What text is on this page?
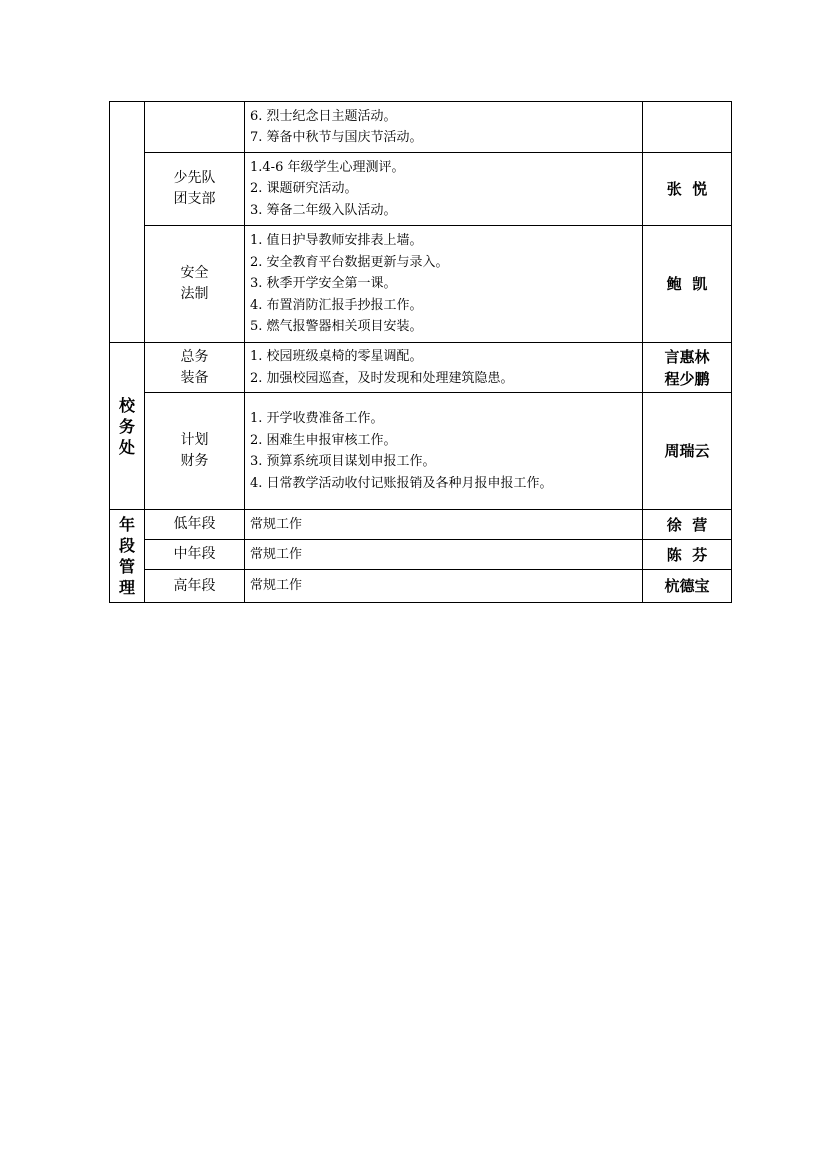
		6. 烈士纪念日主题活动。
7. 筹备中秋节与国庆节活动。	

	少先队
团支部	1.4-6 年级学生心理测评。
2. 课题研究活动。
3. 筹备二年级入队活动。	张  悦

	安全
法制	1. 值日护导教师安排表上墙。
2. 安全教育平台数据更新与录入。
3. 秋季开学安全第一课。
4. 布置消防汇报手抄报工作。
5. 燃气报警器相关项目安装。	鲍  凯

校
务
处	总务
装备	1. 校园班级桌椅的零星调配。
2. 加强校园巡查，及时发现和处理建筑隐患。	言惠林
程少鹏

	计划
财务	1. 开学收费准备工作。
2. 困难生申报审核工作。
3. 预算系统项目谋划申报工作。
4. 日常教学活动收付记账报销及各种月报申报工作。	周瑞云

年
段
管
理	低年段	常规工作	徐  营

	中年段	常规工作	陈  芬

	高年段	常规工作	杭德宝
